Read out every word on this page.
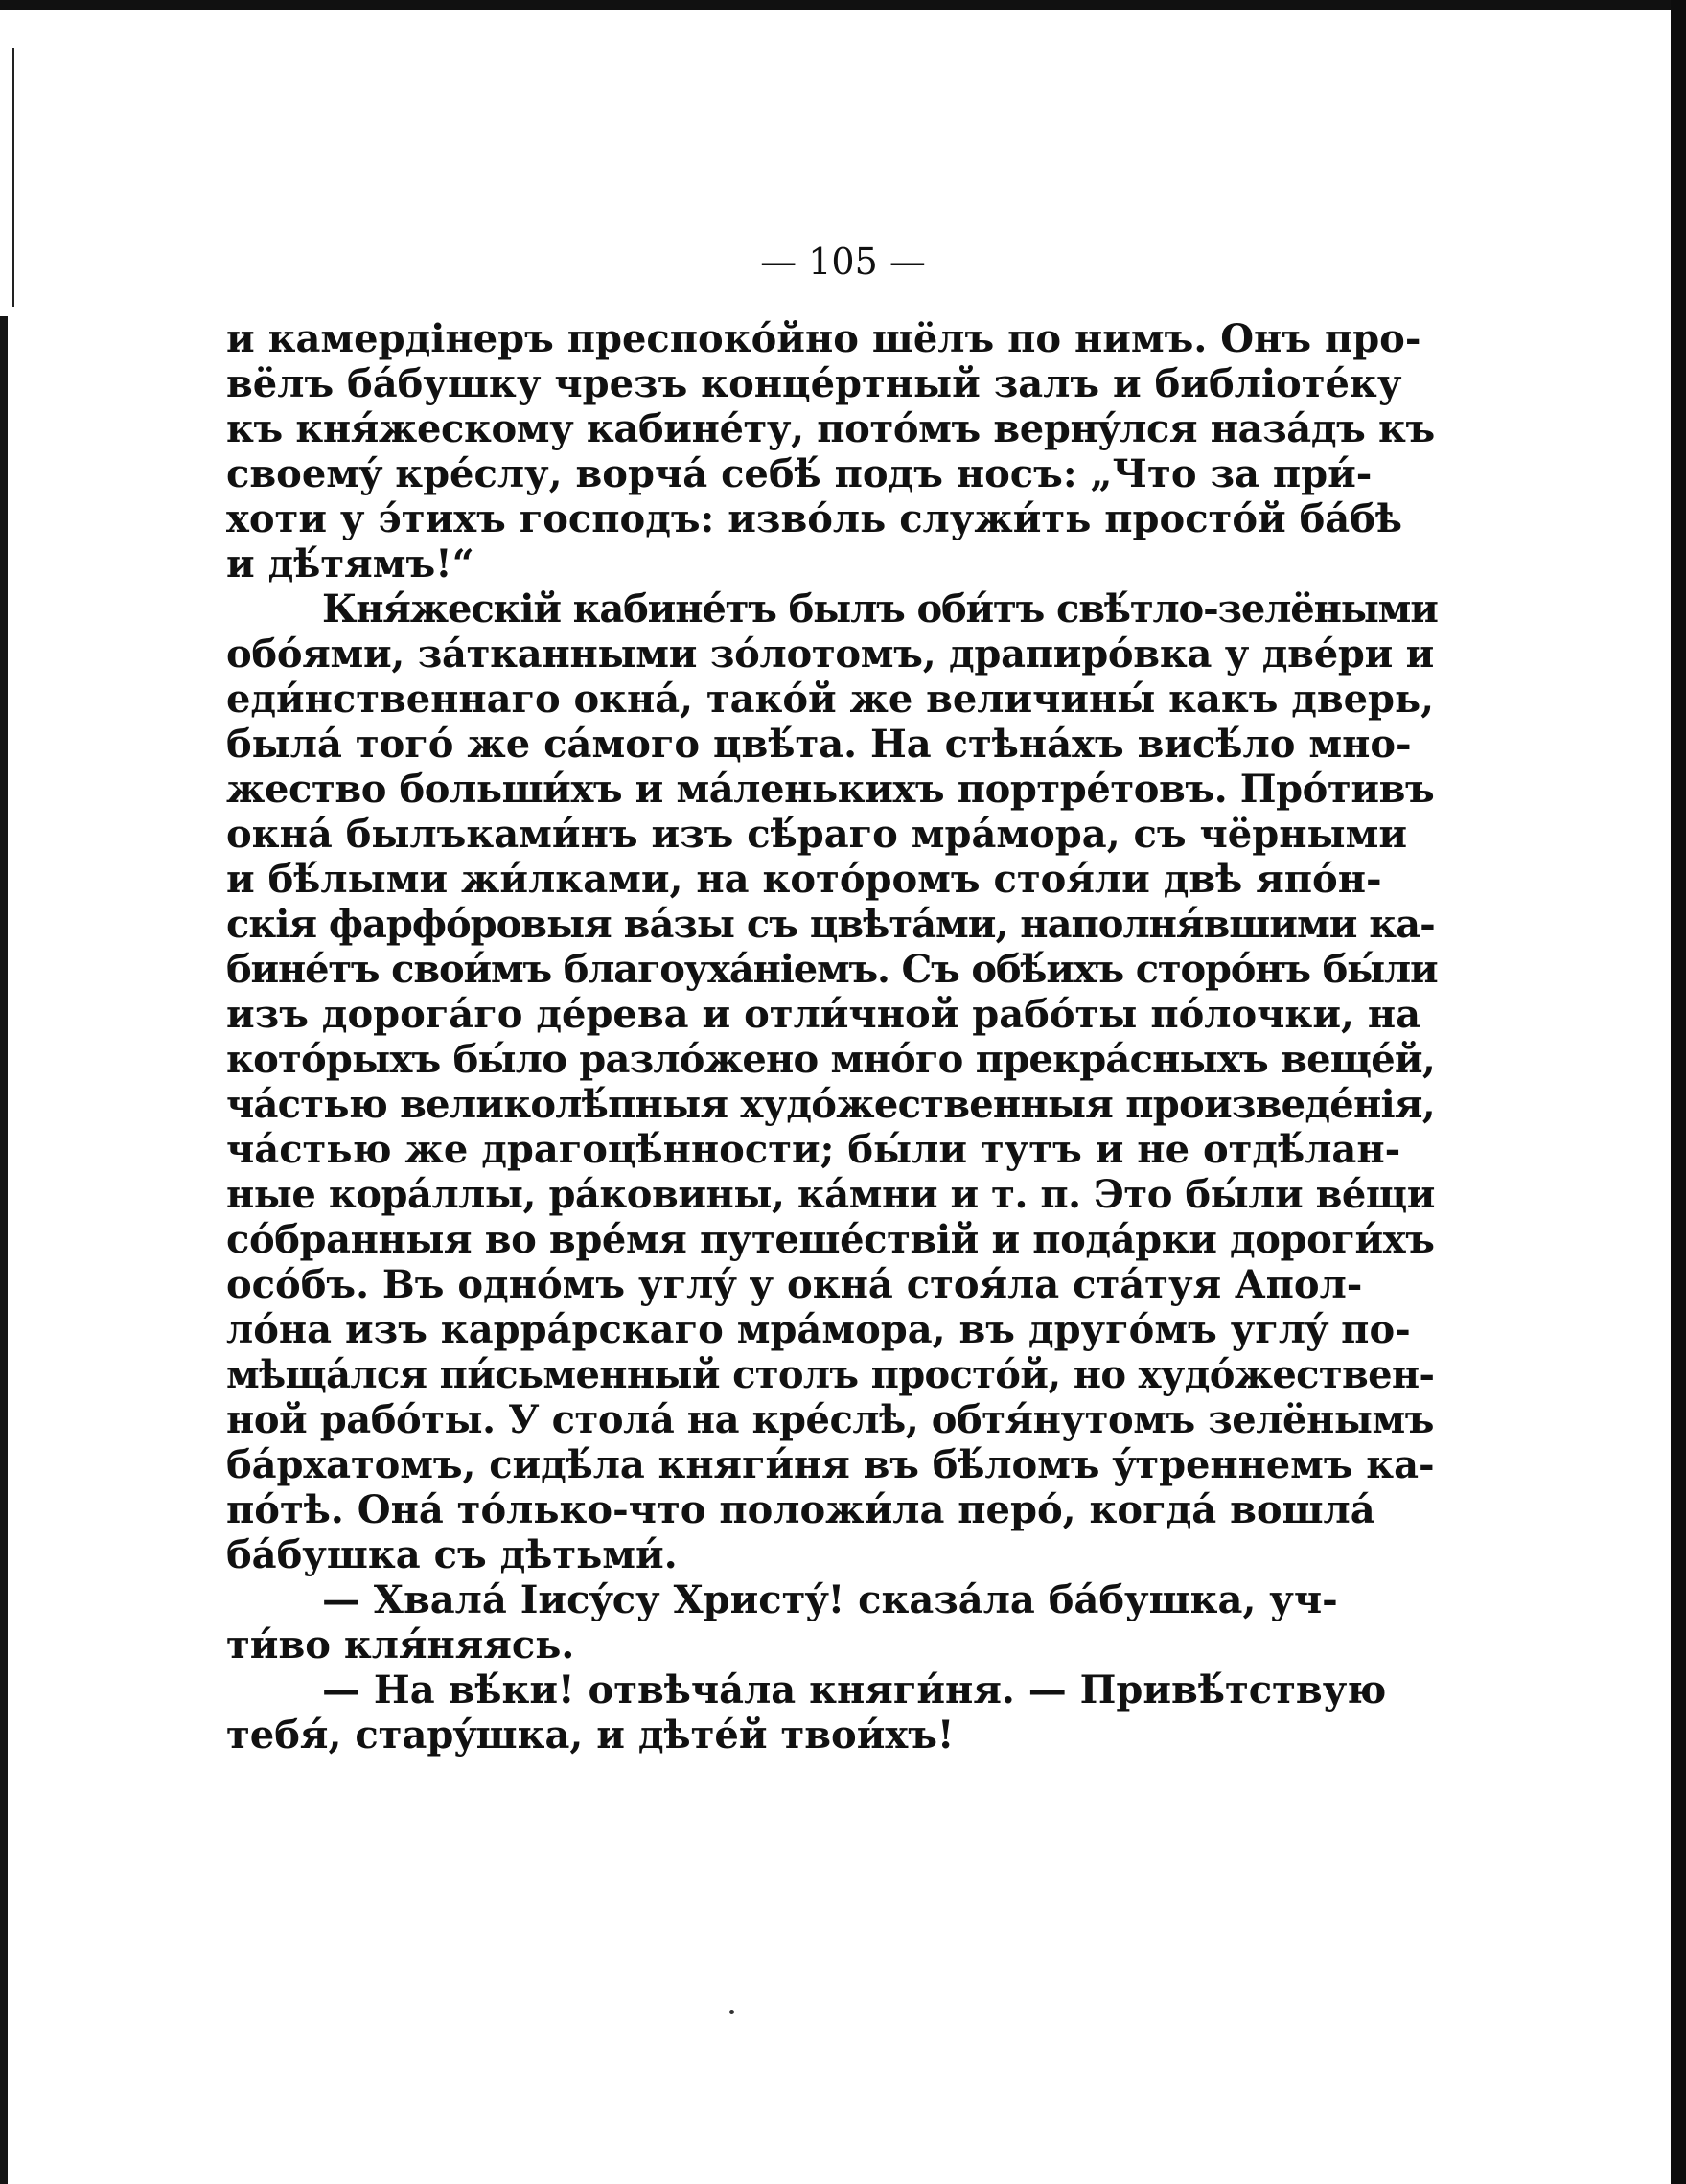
— 105 —
и камердінеръ преспокóйно шёлъ по нимъ. Онъ про-
вёлъ бáбушку чрезъ концéртный залъ и библіотéку
къ кня́жескому кабинéту, потóмъ вернýлся назáдъ къ
своемý крéслу, ворчá себѣ́ подъ носъ: „Что за при́-
хоти у э́тихъ господъ: извóль служи́ть простóй бáбѣ
и дѣ́тямъ!“
Кня́жескій кабинéтъ былъ оби́тъ свѣ́тло-зелёными
обóями, зáтканными зóлотомъ, драпирóвка у двéри и
еди́нственнаго окнá, такóй же величины́ какъ дверь,
былá тогó же сáмого цвѣ́та. На стѣнáхъ висѣ́ло мно-
жество больши́хъ и мáленькихъ портрéтовъ. Прóтивъ
окнá былъками́нъ изъ сѣ́раго мрáмора, съ чёрными
и бѣ́лыми жи́лками, на котóромъ стоя́ли двѣ япóн-
скія фарфóровыя вáзы съ цвѣтáми, наполня́вшими ка-
бинéтъ свои́мъ благоухáніемъ. Съ обѣ́ихъ сторóнъ бы́ли
изъ дорогáго дéрева и отли́чной рабóты пóлочки, на
котóрыхъ бы́ло разлóжено мнóго прекрáсныхъ вещéй,
чáстью великолѣ́пныя худóжественныя произведéнія,
чáстью же драгоцѣ́нности; бы́ли тутъ и не отдѣ́лан-
ные корáллы, рáковины, кáмни и т. п. Это бы́ли вéщи
сóбранныя во врéмя путешéствій и подáрки дороги́хъ
осóбъ. Въ однóмъ углý у окнá стоя́ла стáтуя Апол-
лóна изъ каррáрскаго мрáмора, въ другóмъ углý по-
мѣщáлся пи́сьменный столъ простóй, но худóжествен-
ной рабóты. У столá на крéслѣ, обтя́нутомъ зелёнымъ
бáрхатомъ, сидѣ́ла княги́ня въ бѣ́ломъ ýтреннемъ ка-
пóтѣ. Онá тóлько-что положи́ла перó, когдá вошлá
бáбушка съ дѣтьми́.
— Хвалá Іисýсу Христý! сказáла бáбушка, уч-
ти́во кля́няясь.
— На вѣ́ки! отвѣчáла княги́ня. — Привѣ́тствую
тебя́, старýшка, и дѣтéй твои́хъ!
